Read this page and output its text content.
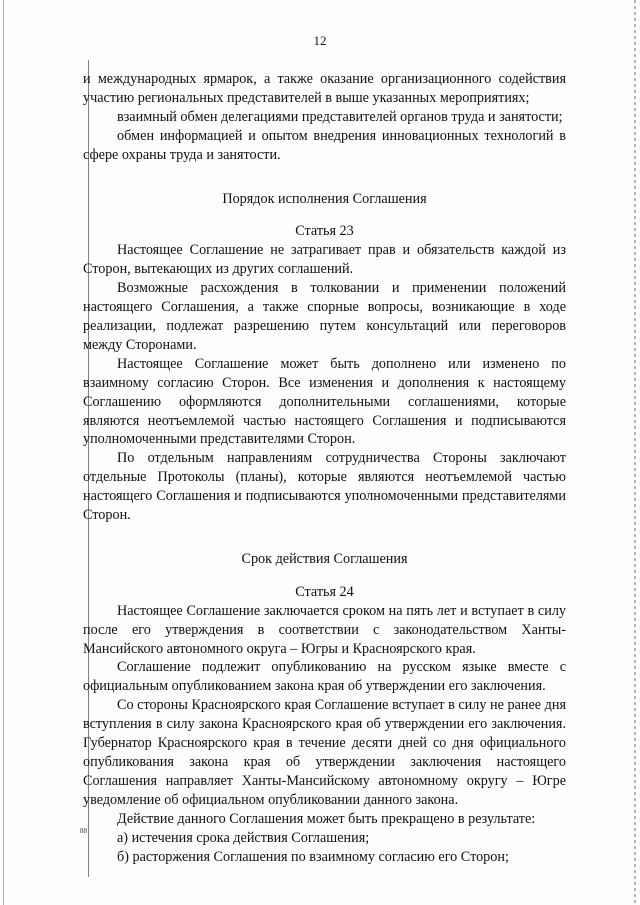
12

и международных ярмарок, а также оказание организационного содействия участию региональных представителей в выше указанных мероприятиях;

взаимный обмен делегациями представителей органов труда и занятости;

обмен информацией и опытом внедрения инновационных технологий в сфере охраны труда и занятости.

Порядок исполнения Соглашения

Статья 23

Настоящее Соглашение не затрагивает прав и обязательств каждой из Сторон, вытекающих из других соглашений.

Возможные расхождения в толковании и применении положений настоящего Соглашения, а также спорные вопросы, возникающие в ходе реализации, подлежат разрешению путем консультаций или переговоров между Сторонами.

Настоящее Соглашение может быть дополнено или изменено по взаимному согласию Сторон. Все изменения и дополнения к настоящему Соглашению оформляются дополнительными соглашениями, которые являются неотъемлемой частью настоящего Соглашения и подписываются уполномоченными представителями Сторон.

По отдельным направлениям сотрудничества Стороны заключают отдельные Протоколы (планы), которые являются неотъемлемой частью настоящего Соглашения и подписываются уполномоченными представителями Сторон.

Срок действия Соглашения

Статья 24

Настоящее Соглашение заключается сроком на пять лет и вступает в силу после его утверждения в соответствии с законодательством Ханты-Мансийского автономного округа – Югры и Красноярского края.

Соглашение подлежит опубликованию на русском языке вместе с официальным опубликованием закона края об утверждении его заключения.

Со стороны Красноярского края Соглашение вступает в силу не ранее дня вступления в силу закона Красноярского края об утверждении его заключения. Губернатор Красноярского края в течение десяти дней со дня официального опубликования закона края об утверждении заключения настоящего Соглашения направляет Ханты-Мансийскому автономному округу – Югре уведомление об официальном опубликовании данного закона.

Действие данного Соглашения может быть прекращено в результате:

а) истечения срока действия Соглашения;

б) расторжения Соглашения по взаимному согласию его Сторон;

88
